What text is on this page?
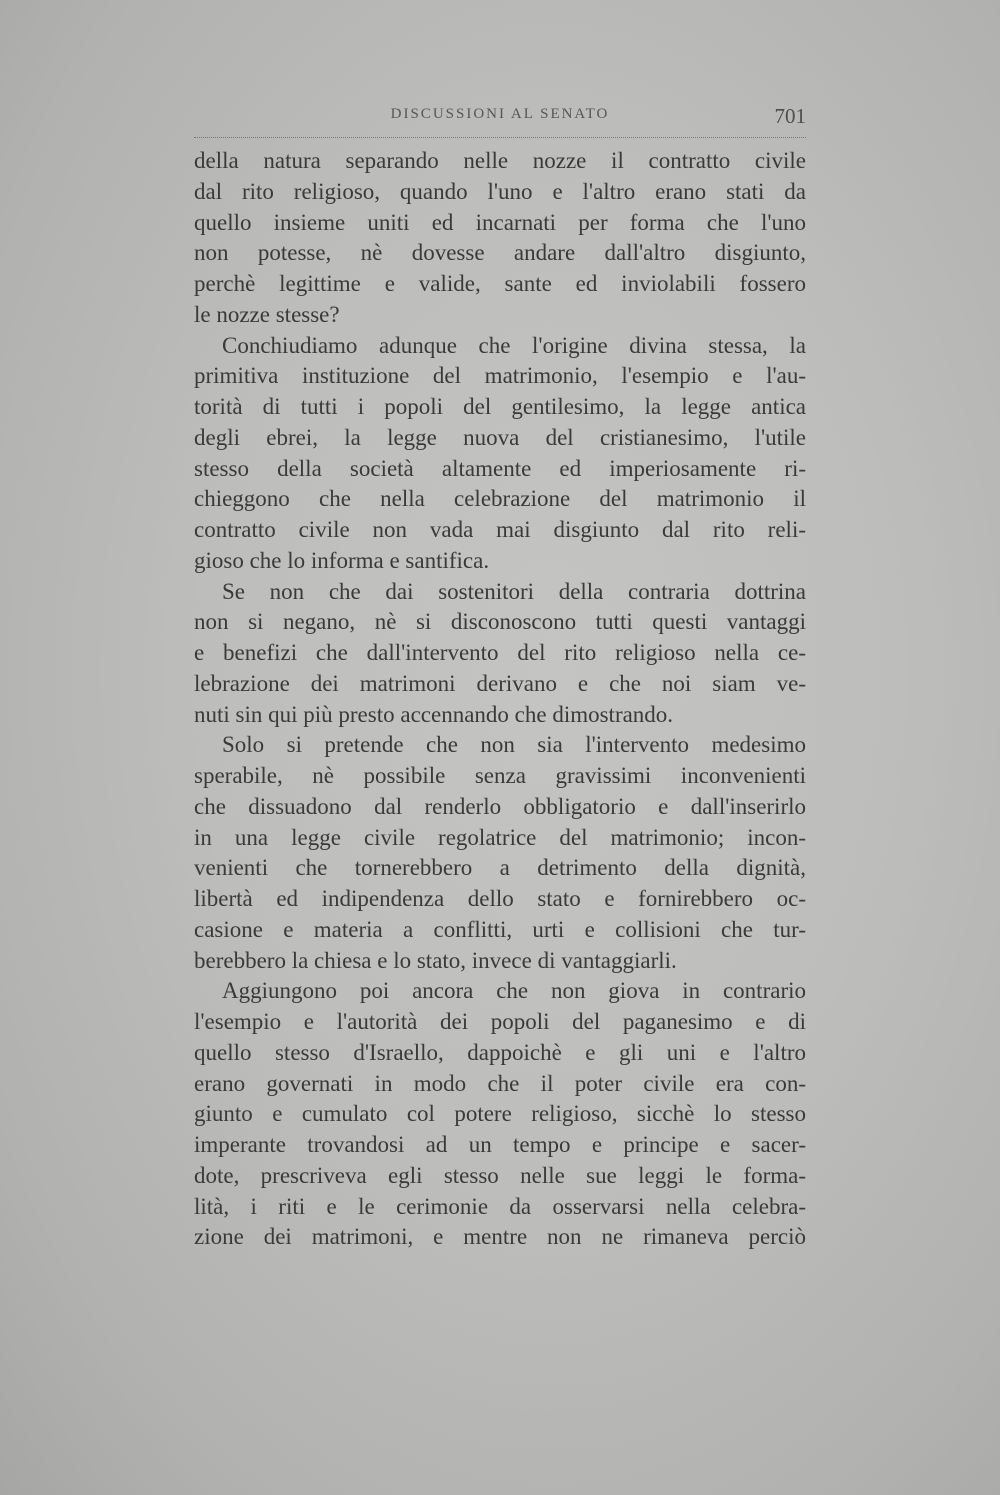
DISCUSSIONI AL SENATO	701
della natura separando nelle nozze il contratto civile
dal rito religioso, quando l'uno e l'altro erano stati da
quello insieme uniti ed incarnati per forma che l'uno
non potesse, nè dovesse andare dall'altro disgiunto,
perchè legittime e valide, sante ed inviolabili fossero
le nozze stesse?
Conchiudiamo adunque che l'origine divina stessa, la
primitiva instituzione del matrimonio, l'esempio e l'au-
torità di tutti i popoli del gentilesimo, la legge antica
degli ebrei, la legge nuova del cristianesimo, l'utile
stesso della società altamente ed imperiosamente ri-
chieggono che nella celebrazione del matrimonio il
contratto civile non vada mai disgiunto dal rito reli-
gioso che lo informa e santifica.
Se non che dai sostenitori della contraria dottrina
non si negano, nè si disconoscono tutti questi vantaggi
e benefizi che dall'intervento del rito religioso nella ce-
lebrazione dei matrimoni derivano e che noi siam ve-
nuti sin qui più presto accennando che dimostrando.
Solo si pretende che non sia l'intervento medesimo
sperabile, nè possibile senza gravissimi inconvenienti
che dissuadono dal renderlo obbligatorio e dall'inserirlo
in una legge civile regolatrice del matrimonio; incon-
venienti che tornerebbero a detrimento della dignità,
libertà ed indipendenza dello stato e fornirebbero oc-
casione e materia a conflitti, urti e collisioni che tur-
berebbero la chiesa e lo stato, invece di vantaggiarli.
Aggiungono poi ancora che non giova in contrario
l'esempio e l'autorità dei popoli del paganesimo e di
quello stesso d'Israello, dappoichè e gli uni e l'altro
erano governati in modo che il poter civile era con-
giunto e cumulato col potere religioso, sicchè lo stesso
imperante trovandosi ad un tempo e principe e sacer-
dote, prescriveva egli stesso nelle sue leggi le forma-
lità, i riti e le cerimonie da osservarsi nella celebra-
zione dei matrimoni, e mentre non ne rimaneva perciò
